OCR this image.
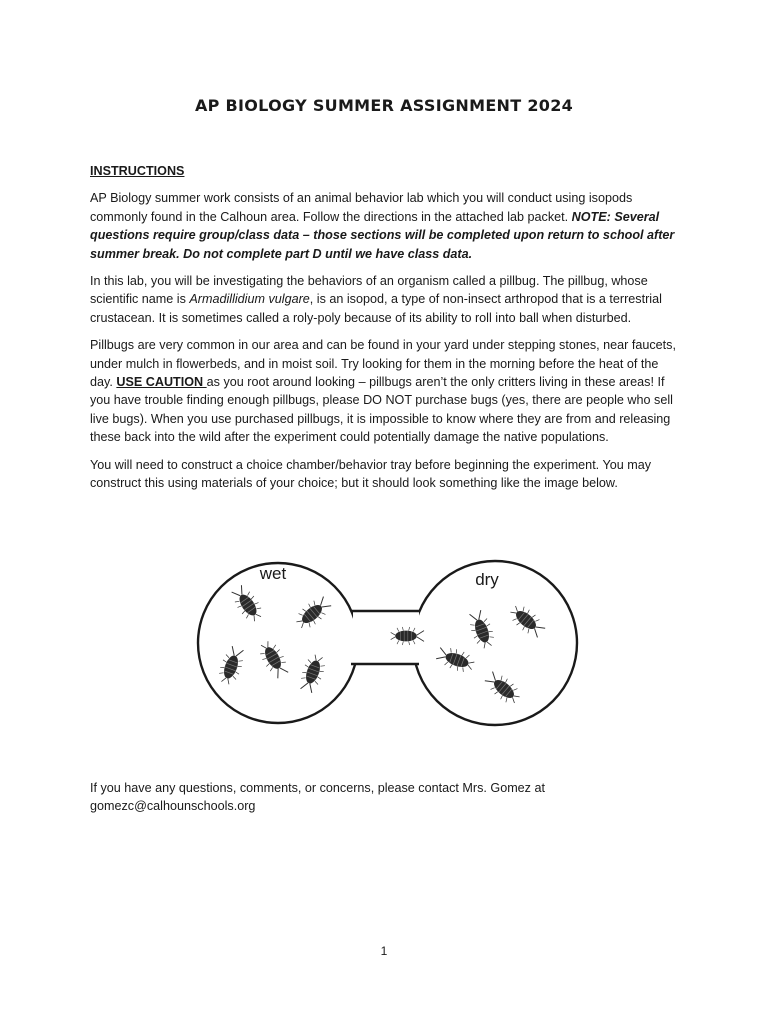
AP BIOLOGY SUMMER ASSIGNMENT 2024

INSTRUCTIONS

AP Biology summer work consists of an animal behavior lab which you will conduct using isopods commonly found in the Calhoun area. Follow the directions in the attached lab packet. NOTE: Several questions require group/class data – those sections will be completed upon return to school after summer break. Do not complete part D until we have class data.

In this lab, you will be investigating the behaviors of an organism called a pillbug. The pillbug, whose scientific name is Armadillidium vulgare, is an isopod, a type of non-insect arthropod that is a terrestrial crustacean. It is sometimes called a roly-poly because of its ability to roll into ball when disturbed.

Pillbugs are very common in our area and can be found in your yard under stepping stones, near faucets, under mulch in flowerbeds, and in moist soil. Try looking for them in the morning before the heat of the day. USE CAUTION as you root around looking – pillbugs aren’t the only critters living in these areas! If you have trouble finding enough pillbugs, please DO NOT purchase bugs (yes, there are people who sell live bugs). When you use purchased pillbugs, it is impossible to know where they are from and releasing these back into the wild after the experiment could potentially damage the native populations.

You will need to construct a choice chamber/behavior tray before beginning the experiment. You may construct this using materials of your choice; but it should look something like the image below.

wet	dry

If you have any questions, comments, or concerns, please contact Mrs. Gomez at
gomezc@calhounschools.org

1
